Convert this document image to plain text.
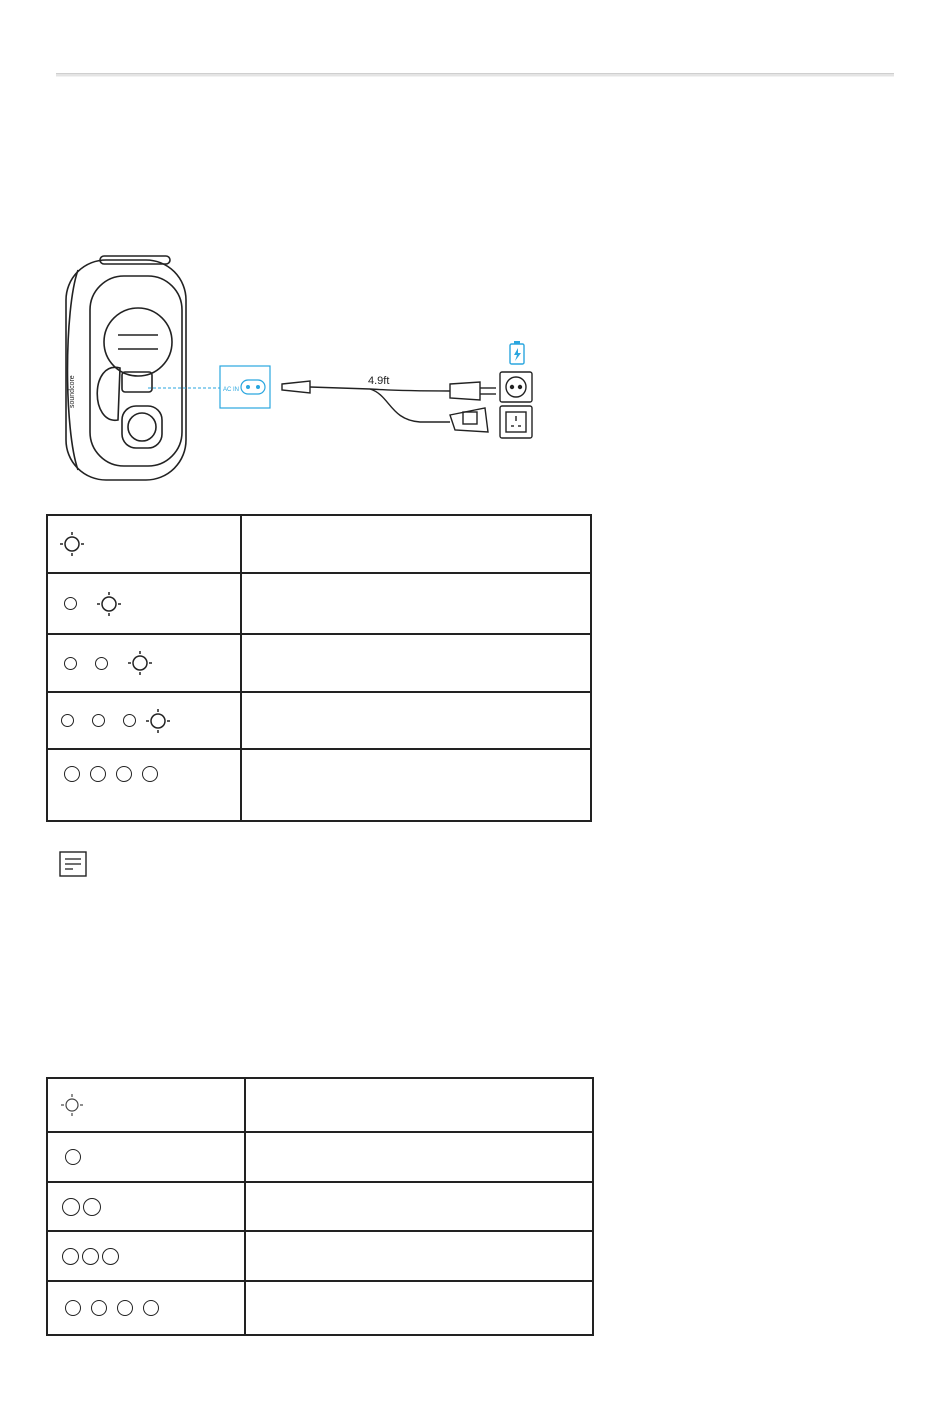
soundcore	AC IN
4.9ft
